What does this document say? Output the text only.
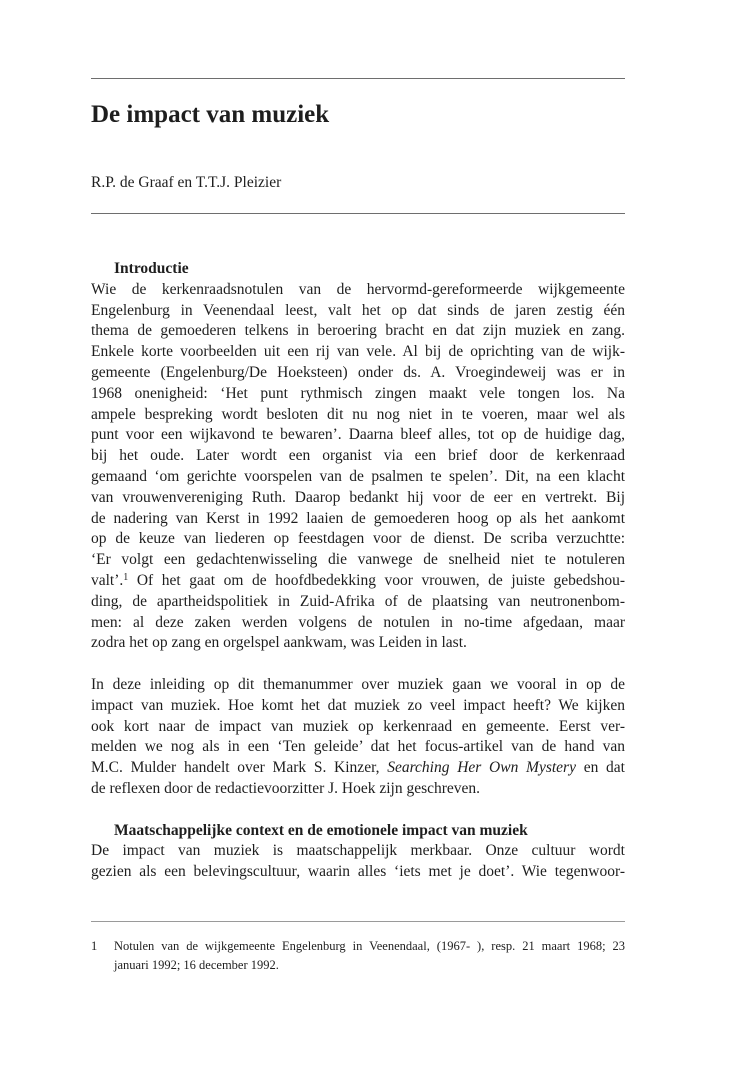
De impact van muziek

R.P. de Graaf en T.T.J. Pleizier

Introductie
Wie de kerkenraadsnotulen van de hervormd-gereformeerde wijkgemeente
Engelenburg in Veenendaal leest, valt het op dat sinds de jaren zestig één
thema de gemoederen telkens in beroering bracht en dat zijn muziek en zang.
Enkele korte voorbeelden uit een rij van vele. Al bij de oprichting van de wijk-
gemeente (Engelenburg/De Hoeksteen) onder ds. A. Vroegindeweij was er in
1968 onenigheid: ‘Het punt rythmisch zingen maakt vele tongen los. Na
ampele bespreking wordt besloten dit nu nog niet in te voeren, maar wel als
punt voor een wijkavond te bewaren’. Daarna bleef alles, tot op de huidige dag,
bij het oude. Later wordt een organist via een brief door de kerkenraad
gemaand ‘om gerichte voorspelen van de psalmen te spelen’. Dit, na een klacht
van vrouwenvereniging Ruth. Daarop bedankt hij voor de eer en vertrekt. Bij
de nadering van Kerst in 1992 laaien de gemoederen hoog op als het aankomt
op de keuze van liederen op feestdagen voor de dienst. De scriba verzuchtte:
‘Er volgt een gedachtenwisseling die vanwege de snelheid niet te notuleren
valt’.$^1$ Of het gaat om de hoofdbedekking voor vrouwen, de juiste gebedshou-
ding, de apartheidspolitiek in Zuid-Afrika of de plaatsing van neutronenbom-
men: al deze zaken werden volgens de notulen in no-time afgedaan, maar
zodra het op zang en orgelspel aankwam, was Leiden in last.
In deze inleiding op dit themanummer over muziek gaan we vooral in op de
impact van muziek. Hoe komt het dat muziek zo veel impact heeft? We kijken
ook kort naar de impact van muziek op kerkenraad en gemeente. Eerst ver-
melden we nog als in een ‘Ten geleide’ dat het focus-artikel van de hand van
M.C. Mulder handelt over Mark S. Kinzer, Searching Her Own Mystery en dat
de reflexen door de redactievoorzitter J. Hoek zijn geschreven.
Maatschappelijke context en de emotionele impact van muziek
De impact van muziek is maatschappelijk merkbaar. Onze cultuur wordt
gezien als een belevingscultuur, waarin alles ‘iets met je doet’. Wie tegenwoor-
1 Notulen van de wijkgemeente Engelenburg in Veenendaal, (1967- ), resp. 21 maart 1968; 23
januari 1992; 16 december 1992.
